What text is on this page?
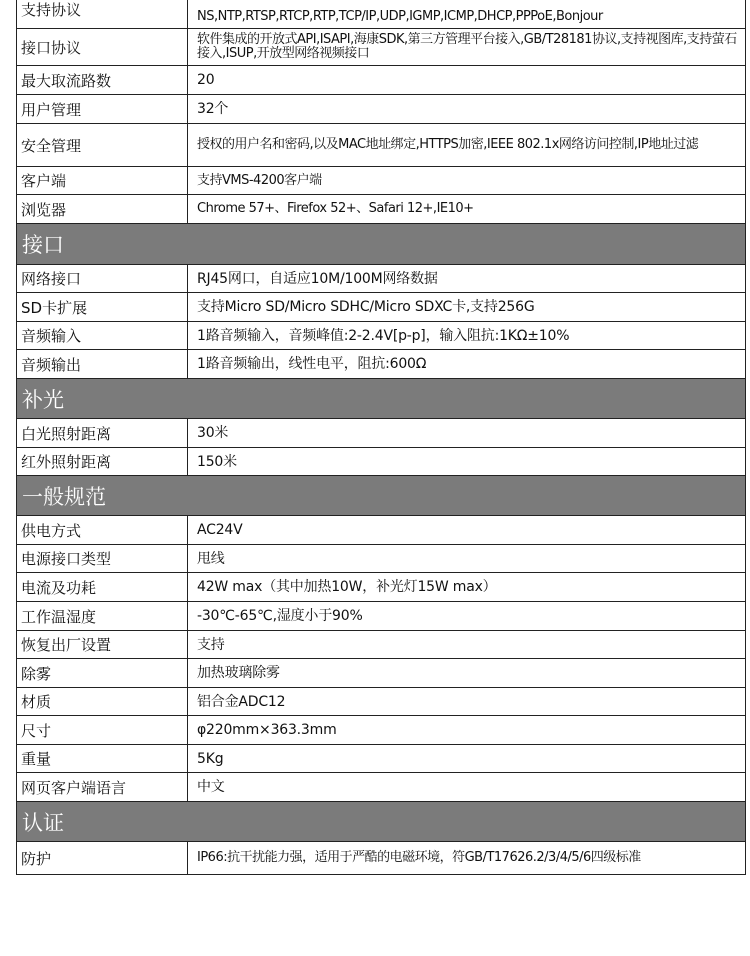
支持协议	NS,NTP,RTSP,RTCP,RTP,TCP/IP,UDP,IGMP,ICMP,DHCP,PPPoE,Bonjour
接口协议	软件集成的开放式API,ISAPI,海康SDK,第三方管理平台接入,GB/T28181协议,支持视图库,支持萤石接入,ISUP,开放型网络视频接口
最大取流路数	20
用户管理	32个
安全管理	授权的用户名和密码,以及MAC地址绑定,HTTPS加密,IEEE 802.1x网络访问控制,IP地址过滤
客户端	支持VMS-4200客户端
浏览器	Chrome 57+、Firefox 52+、Safari 12+,IE10+
接口
网络接口	RJ45网口，自适应10M/100M网络数据
SD卡扩展	支持Micro SD/Micro SDHC/Micro SDXC卡,支持256G
音频输入	1路音频输入，音频峰值:2-2.4V[p-p]，输入阻抗:1KΩ±10%
音频输出	1路音频输出，线性电平，阻抗:600Ω
补光
白光照射距离	30米
红外照射距离	150米
一般规范
供电方式	AC24V
电源接口类型	甩线
电流及功耗	42W max（其中加热10W，补光灯15W max）
工作温湿度	-30℃-65℃,湿度小于90%
恢复出厂设置	支持
除雾	加热玻璃除雾
材质	铝合金ADC12
尺寸	φ220mm×363.3mm
重量	5Kg
网页客户端语言	中文
认证
防护	IP66:抗干扰能力强，适用于严酷的电磁环境，符GB/T17626.2/3/4/5/6四级标准
